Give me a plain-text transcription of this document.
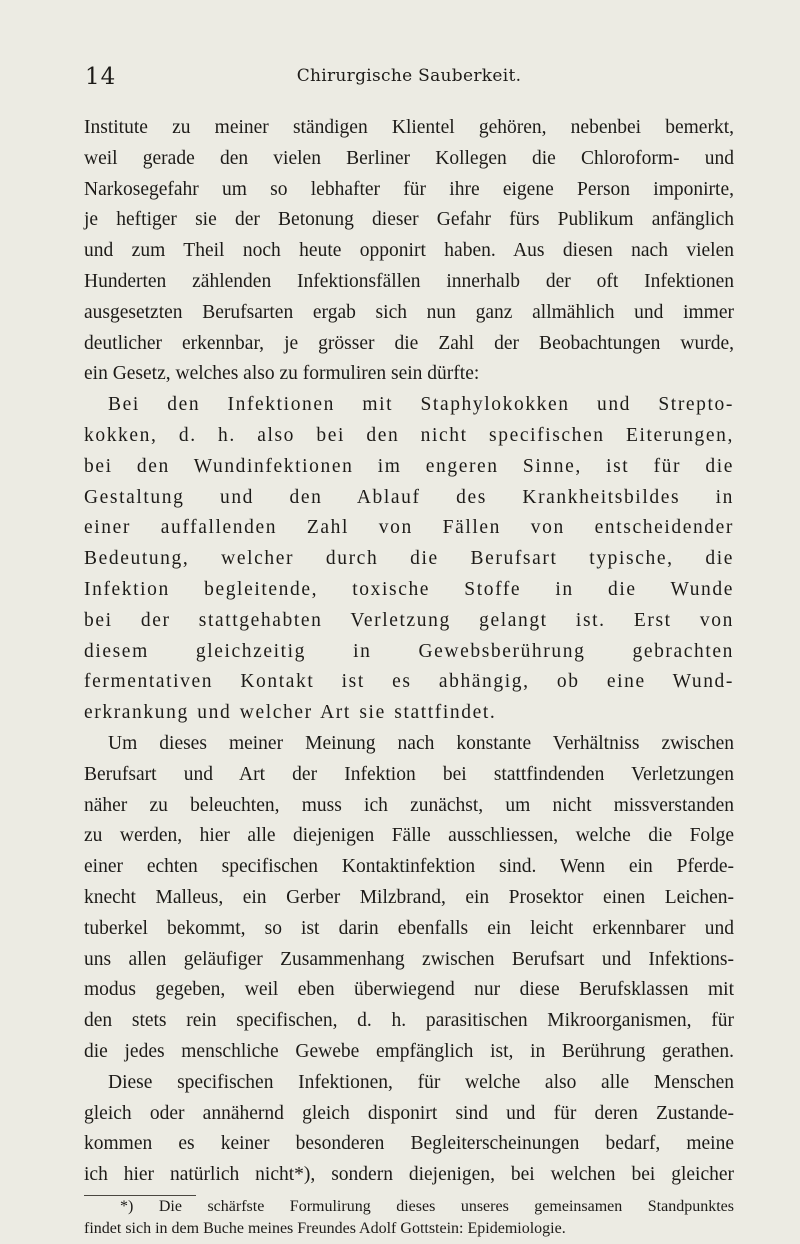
14	Chirurgische Sauberkeit.
Institute zu meiner ständigen Klientel gehören, nebenbei bemerkt,
weil gerade den vielen Berliner Kollegen die Chloroform- und
Narkosegefahr um so lebhafter für ihre eigene Person imponirte,
je heftiger sie der Betonung dieser Gefahr fürs Publikum anfänglich
und zum Theil noch heute opponirt haben. Aus diesen nach vielen
Hunderten zählenden Infektionsfällen innerhalb der oft Infektionen
ausgesetzten Berufsarten ergab sich nun ganz allmählich und immer
deutlicher erkennbar, je grösser die Zahl der Beobachtungen wurde,
ein Gesetz, welches also zu formuliren sein dürfte:
Bei den Infektionen mit Staphylokokken und Strepto-
kokken, d. h. also bei den nicht specifischen Eiterungen,
bei den Wundinfektionen im engeren Sinne, ist für die
Gestaltung und den Ablauf des Krankheitsbildes in
einer auffallenden Zahl von Fällen von entscheidender
Bedeutung, welcher durch die Berufsart typische, die
Infektion begleitende, toxische Stoffe in die Wunde
bei der stattgehabten Verletzung gelangt ist. Erst von
diesem gleichzeitig in Gewebsberührung gebrachten
fermentativen Kontakt ist es abhängig, ob eine Wund-
erkrankung und welcher Art sie stattfindet.
Um dieses meiner Meinung nach konstante Verhältniss zwischen
Berufsart und Art der Infektion bei stattfindenden Verletzungen
näher zu beleuchten, muss ich zunächst, um nicht missverstanden
zu werden, hier alle diejenigen Fälle ausschliessen, welche die Folge
einer echten specifischen Kontaktinfektion sind. Wenn ein Pferde-
knecht Malleus, ein Gerber Milzbrand, ein Prosektor einen Leichen-
tuberkel bekommt, so ist darin ebenfalls ein leicht erkennbarer und
uns allen geläufiger Zusammenhang zwischen Berufsart und Infektions-
modus gegeben, weil eben überwiegend nur diese Berufsklassen mit
den stets rein specifischen, d. h. parasitischen Mikroorganismen, für
die jedes menschliche Gewebe empfänglich ist, in Berührung gerathen.
Diese specifischen Infektionen, für welche also alle Menschen
gleich oder annähernd gleich disponirt sind und für deren Zustande-
kommen es keiner besonderen Begleiterscheinungen bedarf, meine
ich hier natürlich nicht*), sondern diejenigen, bei welchen bei gleicher
*) Die schärfste Formulirung dieses unseres gemeinsamen Standpunktes
findet sich in dem Buche meines Freundes Adolf Gottstein: Epidemiologie.
